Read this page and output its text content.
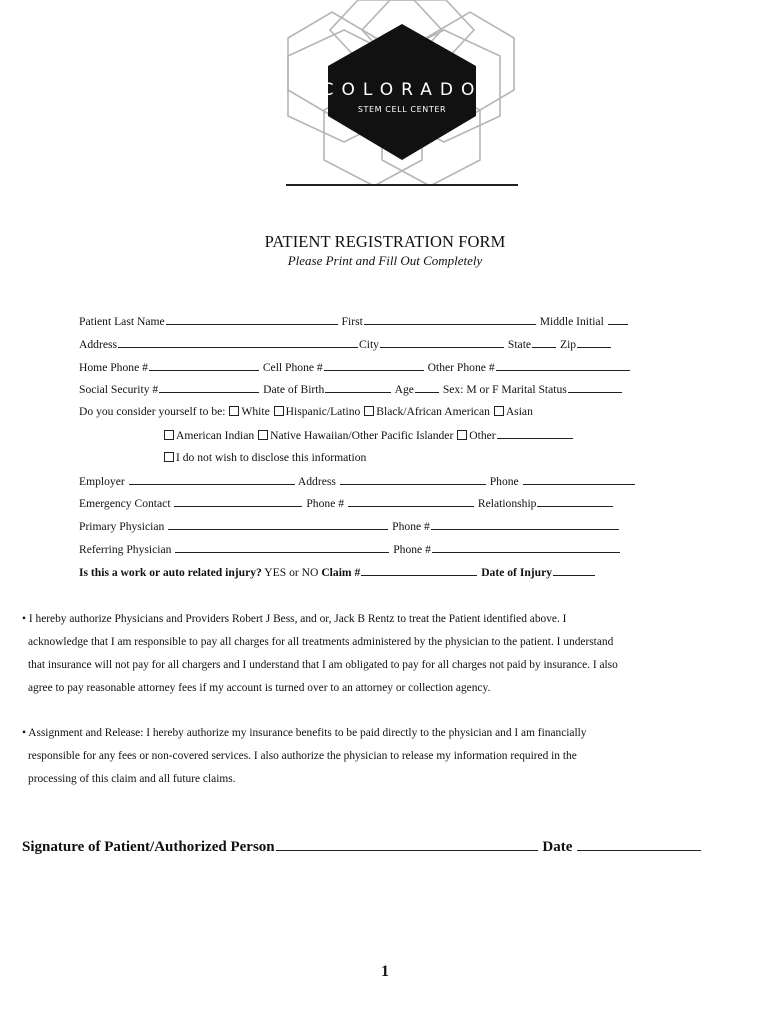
COLORADO
STEM CELL CENTER
PATIENT REGISTRATION FORM
Please Print and Fill Out Completely
Patient Last Name	First	Middle Initial
Address	City	State Zip
Home Phone #	Cell Phone #	Other Phone #
Social Security #	Date of Birth	Age Sex: M or F Marital Status
Do you consider yourself to be: White Hispanic/Latino Black/African American Asian
American Indian Native Hawaiian/Other Pacific Islander Other
I do not wish to disclose this information
Employer	Address	Phone
Emergency Contact	Phone #	Relationship
Primary Physician	Phone #
Referring Physician	Phone #
Is this a work or auto related injury? YES or NO Claim #	Date of Injury
• I hereby authorize Physicians and Providers Robert J Bess, and or, Jack B Rentz to treat the Patient identified above. I
acknowledge that I am responsible to pay all charges for all treatments administered by the physician to the patient. I understand
that insurance will not pay for all chargers and I understand that I am obligated to pay for all charges not paid by insurance. I also
agree to pay reasonable attorney fees if my account is turned over to an attorney or collection agency.
• Assignment and Release: I hereby authorize my insurance benefits to be paid directly to the physician and I am financially
responsible for any fees or non-covered services. I also authorize the physician to release my information required in the
processing of this claim and all future claims.
Signature of Patient/Authorized Person	Date
1
